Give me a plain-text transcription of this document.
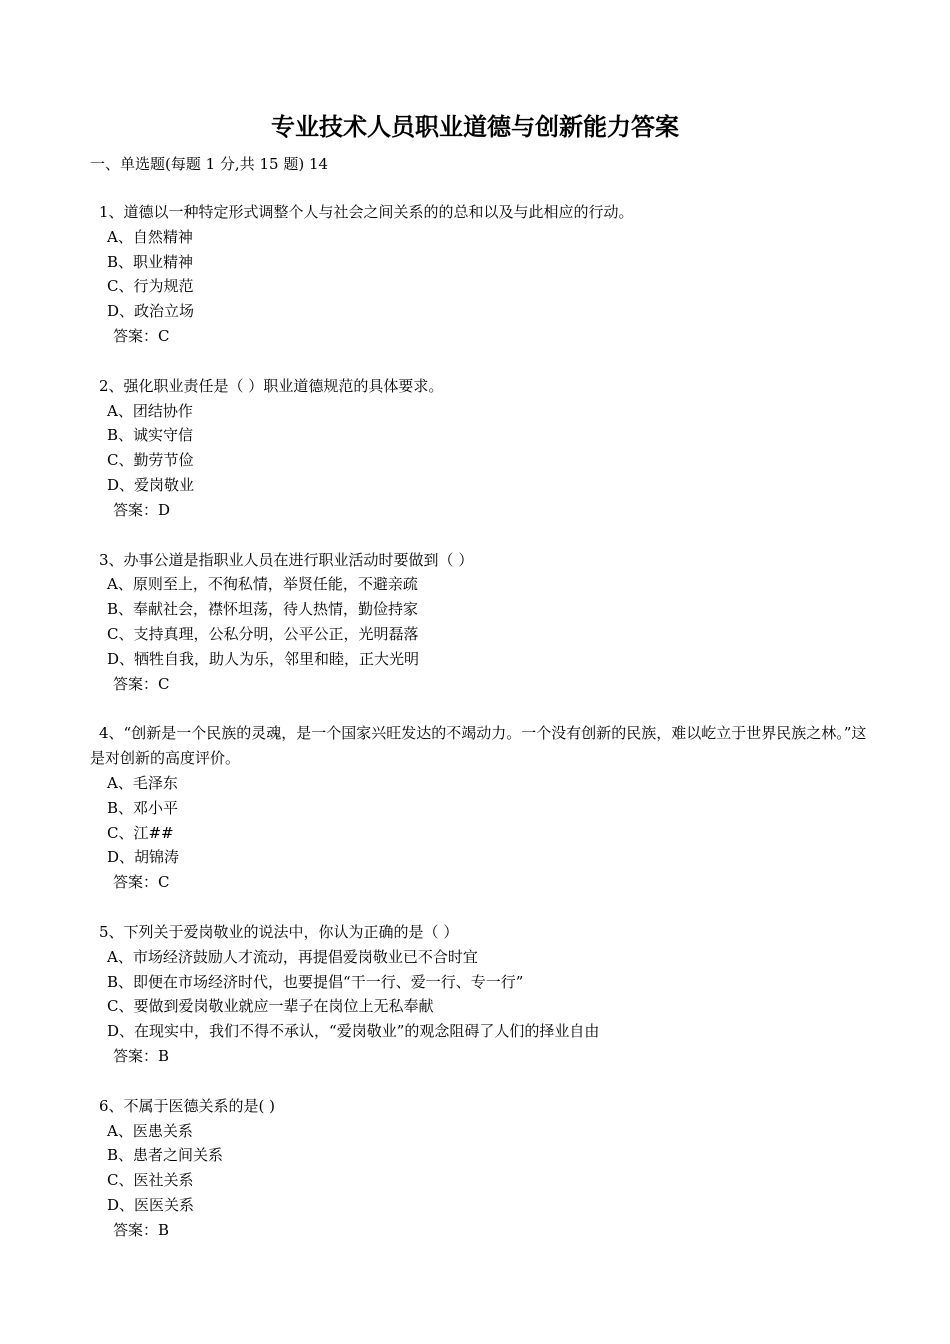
专业技术人员职业道德与创新能力答案
一、单选题(每题 1 分,共 15 题) 14
1、道德以一种特定形式调整个人与社会之间关系的的总和以及与此相应的行动。
A、自然精神
B、职业精神
C、行为规范
D、政治立场
答案：C
2、强化职业责任是（ ）职业道德规范的具体要求。
A、团结协作
B、诚实守信
C、勤劳节俭
D、爱岗敬业
答案：D
3、办事公道是指职业人员在进行职业活动时要做到（ ）
A、原则至上，不徇私情，举贤任能，不避亲疏
B、奉献社会，襟怀坦荡，待人热情，勤俭持家
C、支持真理，公私分明，公平公正，光明磊落
D、牺牲自我，助人为乐，邻里和睦，正大光明
答案：C
4、“创新是一个民族的灵魂，是一个国家兴旺发达的不竭动力。一个没有创新的民族，难以屹立于世界民族之林。”这是对创新的高度评价。
A、毛泽东
B、邓小平
C、江##
D、胡锦涛
答案：C
5、下列关于爱岗敬业的说法中，你认为正确的是（ ）
A、市场经济鼓励人才流动，再提倡爱岗敬业已不合时宜
B、即便在市场经济时代，也要提倡“干一行、爱一行、专一行”
C、要做到爱岗敬业就应一辈子在岗位上无私奉献
D、在现实中，我们不得不承认，“爱岗敬业”的观念阻碍了人们的择业自由
答案：B
6、不属于医德关系的是( )
A、医患关系
B、患者之间关系
C、医社关系
D、医医关系
答案：B
